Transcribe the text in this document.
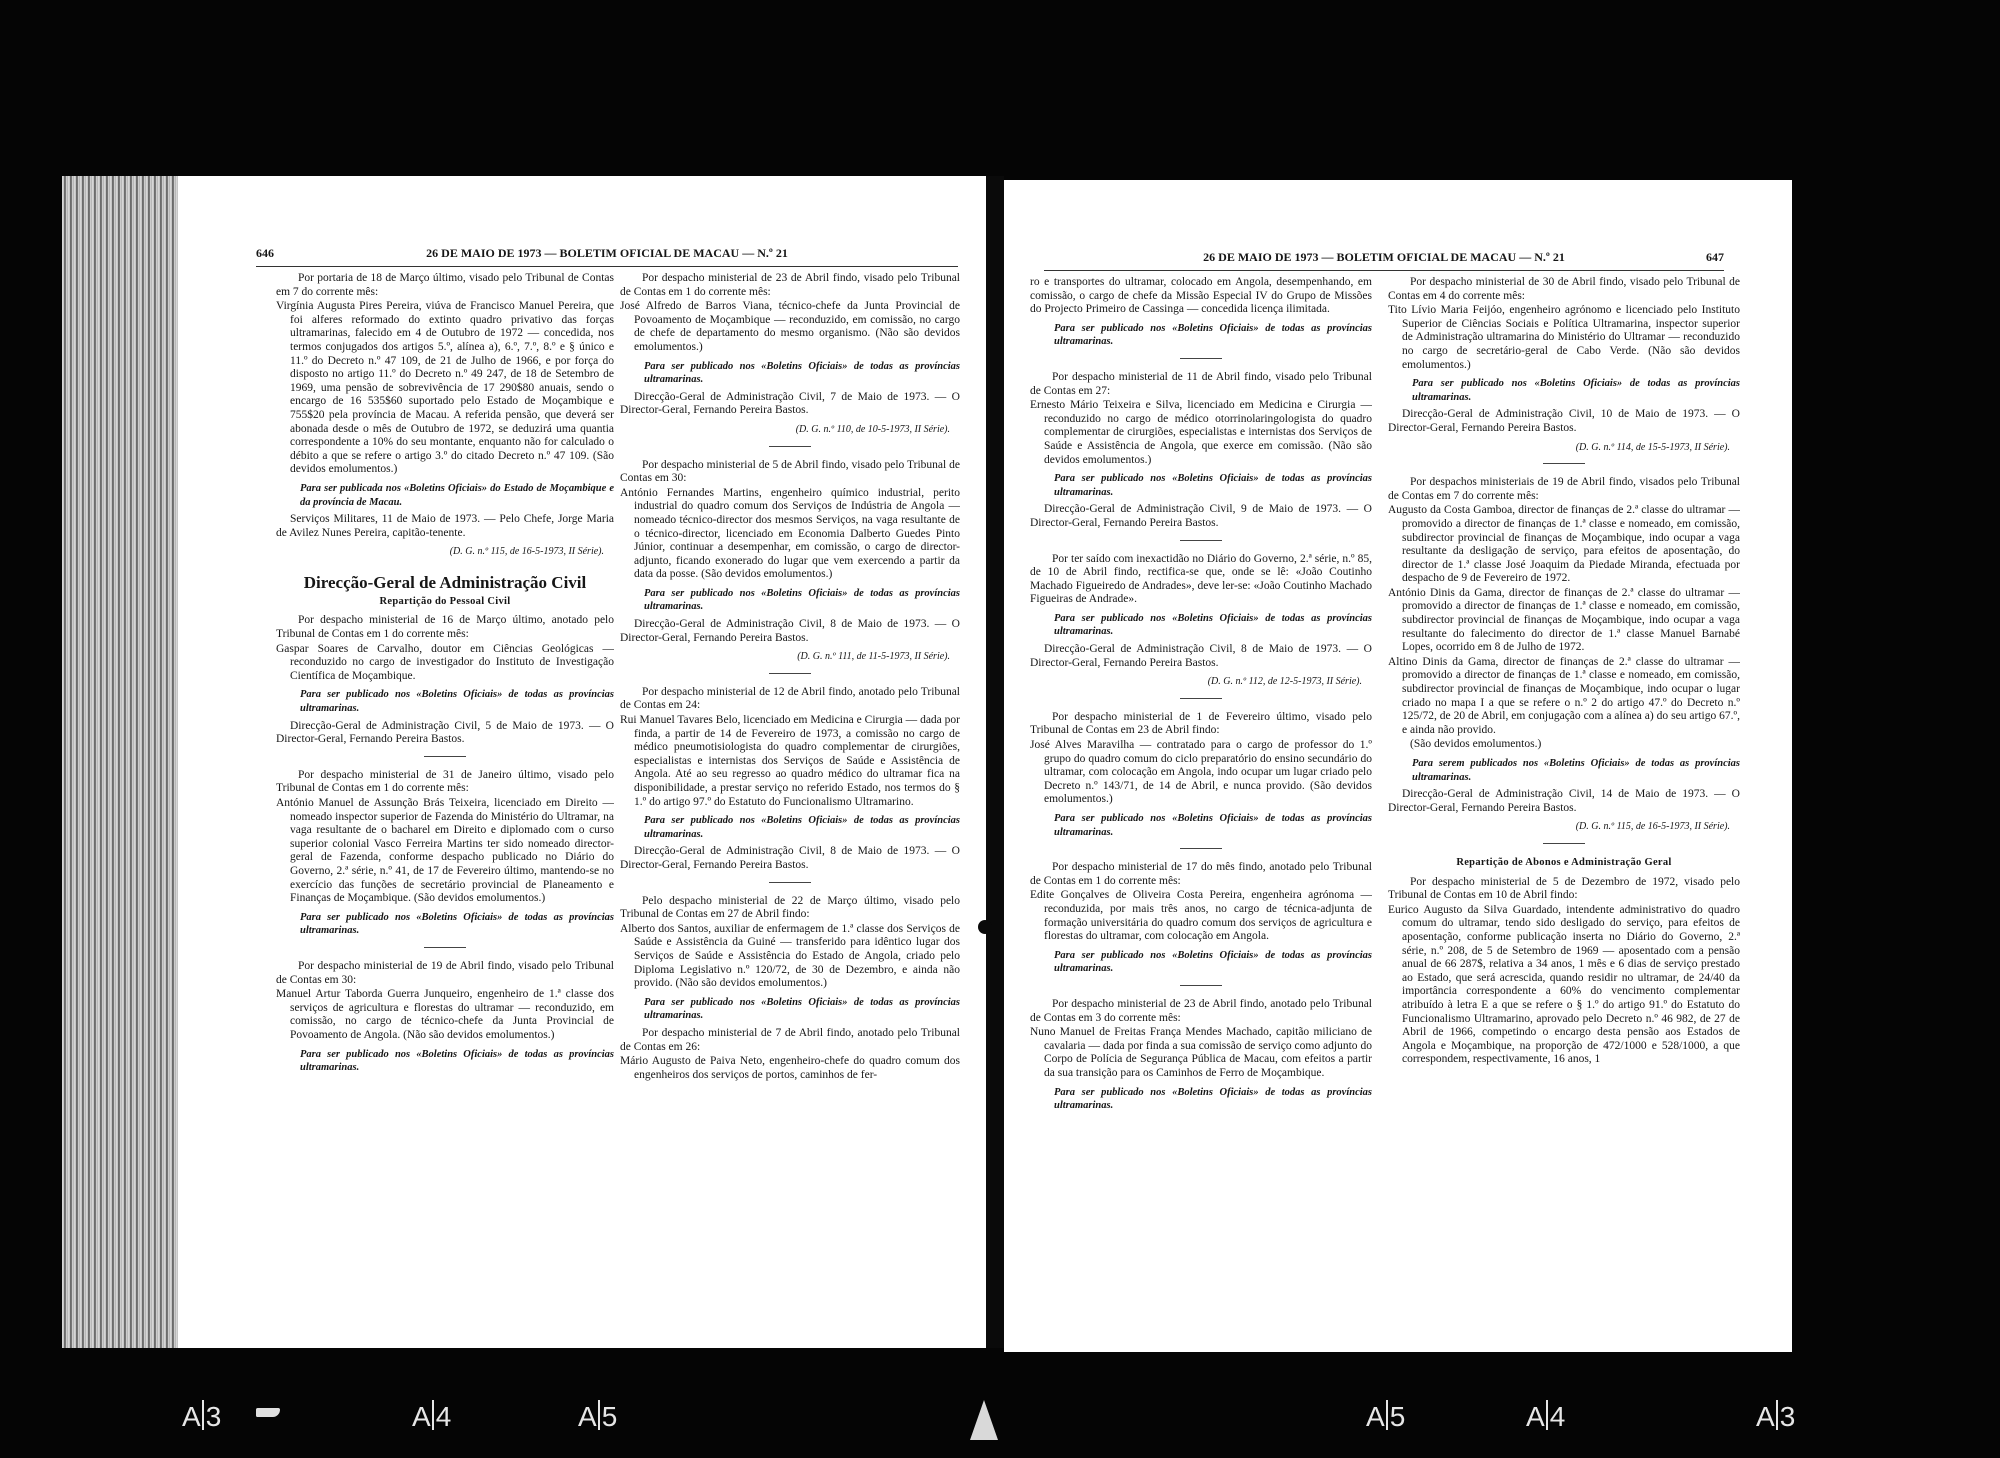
646	26 DE MAIO DE 1973 — BOLETIM OFICIAL DE MACAU — N.º 21

Por portaria de 18 de Março último, visado pelo Tribunal de Contas em 7 do corrente mês:

Virgínia Augusta Pires Pereira, viúva de Francisco Manuel Pereira, que foi alferes reformado do extinto quadro privativo das forças ultramarinas, falecido em 4 de Outubro de 1972 — concedida, nos termos conjugados dos artigos 5.º, alínea a), 6.º, 7.º, 8.º e § único e 11.º do Decreto n.º 47 109, de 21 de Julho de 1966, e por força do disposto no artigo 11.º do Decreto n.º 49 247, de 18 de Setembro de 1969, uma pensão de sobrevivência de 17 290$80 anuais, sendo o encargo de 16 535$60 suportado pelo Estado de Moçambique e 755$20 pela província de Macau. A referida pensão, que deverá ser abonada desde o mês de Outubro de 1972, se deduzirá uma quantia correspondente a 10% do seu montante, enquanto não for calculado o débito a que se refere o artigo 3.º do citado Decreto n.º 47 109. (São devidos emolumentos.)

Para ser publicada nos «Boletins Oficiais» do Estado de Moçambique e da província de Macau.

Serviços Militares, 11 de Maio de 1973. — Pelo Chefe, Jorge Maria de Avilez Nunes Pereira, capitão-tenente.

(D. G. n.º 115, de 16-5-1973, II Série).

Direcção-Geral de Administração Civil

Repartição do Pessoal Civil

Por despacho ministerial de 16 de Março último, anotado pelo Tribunal de Contas em 1 do corrente mês:

Gaspar Soares de Carvalho, doutor em Ciências Geológicas — reconduzido no cargo de investigador do Instituto de Investigação Científica de Moçambique.

Para ser publicado nos «Boletins Oficiais» de todas as províncias ultramarinas.

Direcção-Geral de Administração Civil, 5 de Maio de 1973. — O Director-Geral, Fernando Pereira Bastos.

Por despacho ministerial de 31 de Janeiro último, visado pelo Tribunal de Contas em 1 do corrente mês:

António Manuel de Assunção Brás Teixeira, licenciado em Direito — nomeado inspector superior de Fazenda do Ministério do Ultramar, na vaga resultante de o bacharel em Direito e diplomado com o curso superior colonial Vasco Ferreira Martins ter sido nomeado director-geral de Fazenda, conforme despacho publicado no Diário do Governo, 2.ª série, n.º 41, de 17 de Fevereiro último, mantendo-se no exercício das funções de secretário provincial de Planeamento e Finanças de Moçambique. (São devidos emolumentos.)

Para ser publicado nos «Boletins Oficiais» de todas as províncias ultramarinas.

Por despacho ministerial de 19 de Abril findo, visado pelo Tribunal de Contas em 30:

Manuel Artur Taborda Guerra Junqueiro, engenheiro de 1.ª classe dos serviços de agricultura e florestas do ultramar — reconduzido, em comissão, no cargo de técnico-chefe da Junta Provincial de Povoamento de Angola. (Não são devidos emolumentos.)

Para ser publicado nos «Boletins Oficiais» de todas as províncias ultramarinas.

Por despacho ministerial de 23 de Abril findo, visado pelo Tribunal de Contas em 1 do corrente mês:

José Alfredo de Barros Viana, técnico-chefe da Junta Provincial de Povoamento de Moçambique — reconduzido, em comissão, no cargo de chefe de departamento do mesmo organismo. (Não são devidos emolumentos.)

Para ser publicado nos «Boletins Oficiais» de todas as províncias ultramarinas.

Direcção-Geral de Administração Civil, 7 de Maio de 1973. — O Director-Geral, Fernando Pereira Bastos.

(D. G. n.º 110, de 10-5-1973, II Série).

Por despacho ministerial de 5 de Abril findo, visado pelo Tribunal de Contas em 30:

António Fernandes Martins, engenheiro químico industrial, perito industrial do quadro comum dos Serviços de Indústria de Angola — nomeado técnico-director dos mesmos Serviços, na vaga resultante de o técnico-director, licenciado em Economia Dalberto Guedes Pinto Júnior, continuar a desempenhar, em comissão, o cargo de director-adjunto, ficando exonerado do lugar que vem exercendo a partir da data da posse. (São devidos emolumentos.)

Para ser publicado nos «Boletins Oficiais» de todas as províncias ultramarinas.

Direcção-Geral de Administração Civil, 8 de Maio de 1973. — O Director-Geral, Fernando Pereira Bastos.

(D. G. n.º 111, de 11-5-1973, II Série).

Por despacho ministerial de 12 de Abril findo, anotado pelo Tribunal de Contas em 24:

Rui Manuel Tavares Belo, licenciado em Medicina e Cirurgia — dada por finda, a partir de 14 de Fevereiro de 1973, a comissão no cargo de médico pneumotisiologista do quadro complementar de cirurgiões, especialistas e internistas dos Serviços de Saúde e Assistência de Angola. Até ao seu regresso ao quadro médico do ultramar fica na disponibilidade, a prestar serviço no referido Estado, nos termos do § 1.º do artigo 97.º do Estatuto do Funcionalismo Ultramarino.

Para ser publicado nos «Boletins Oficiais» de todas as províncias ultramarinas.

Direcção-Geral de Administração Civil, 8 de Maio de 1973. — O Director-Geral, Fernando Pereira Bastos.

Pelo despacho ministerial de 22 de Março último, visado pelo Tribunal de Contas em 27 de Abril findo:

Alberto dos Santos, auxiliar de enfermagem de 1.ª classe dos Serviços de Saúde e Assistência da Guiné — transferido para idêntico lugar dos Serviços de Saúde e Assistência do Estado de Angola, criado pelo Diploma Legislativo n.º 120/72, de 30 de Dezembro, e ainda não provido. (Não são devidos emolumentos.)

Para ser publicado nos «Boletins Oficiais» de todas as províncias ultramarinas.

Por despacho ministerial de 7 de Abril findo, anotado pelo Tribunal de Contas em 26:

Mário Augusto de Paiva Neto, engenheiro-chefe do quadro comum dos engenheiros dos serviços de portos, caminhos de fer-

26 DE MAIO DE 1973 — BOLETIM OFICIAL DE MACAU — N.º 21	647

ro e transportes do ultramar, colocado em Angola, desempenhando, em comissão, o cargo de chefe da Missão Especial IV do Grupo de Missões do Projecto Primeiro de Cassinga — concedida licença ilimitada.

Para ser publicado nos «Boletins Oficiais» de todas as províncias ultramarinas.

Por despacho ministerial de 11 de Abril findo, visado pelo Tribunal de Contas em 27:

Ernesto Mário Teixeira e Silva, licenciado em Medicina e Cirurgia — reconduzido no cargo de médico otorrinolaringologista do quadro complementar de cirurgiões, especialistas e internistas dos Serviços de Saúde e Assistência de Angola, que exerce em comissão. (Não são devidos emolumentos.)

Para ser publicado nos «Boletins Oficiais» de todas as províncias ultramarinas.

Direcção-Geral de Administração Civil, 9 de Maio de 1973. — O Director-Geral, Fernando Pereira Bastos.

Por ter saído com inexactidão no Diário do Governo, 2.ª série, n.º 85, de 10 de Abril findo, rectifica-se que, onde se lê: «João Coutinho Machado Figueiredo de Andrades», deve ler-se: «João Coutinho Machado Figueiras de Andrade».

Para ser publicado nos «Boletins Oficiais» de todas as províncias ultramarinas.

Direcção-Geral de Administração Civil, 8 de Maio de 1973. — O Director-Geral, Fernando Pereira Bastos.

(D. G. n.º 112, de 12-5-1973, II Série).

Por despacho ministerial de 1 de Fevereiro último, visado pelo Tribunal de Contas em 23 de Abril findo:

José Alves Maravilha — contratado para o cargo de professor do 1.º grupo do quadro comum do ciclo preparatório do ensino secundário do ultramar, com colocação em Angola, indo ocupar um lugar criado pelo Decreto n.º 143/71, de 14 de Abril, e nunca provido. (São devidos emolumentos.)

Para ser publicado nos «Boletins Oficiais» de todas as províncias ultramarinas.

Por despacho ministerial de 17 do mês findo, anotado pelo Tribunal de Contas em 1 do corrente mês:

Edite Gonçalves de Oliveira Costa Pereira, engenheira agrónoma — reconduzida, por mais três anos, no cargo de técnica-adjunta de formação universitária do quadro comum dos serviços de agricultura e florestas do ultramar, com colocação em Angola.

Para ser publicado nos «Boletins Oficiais» de todas as províncias ultramarinas.

Por despacho ministerial de 23 de Abril findo, anotado pelo Tribunal de Contas em 3 do corrente mês:

Nuno Manuel de Freitas França Mendes Machado, capitão miliciano de cavalaria — dada por finda a sua comissão de serviço como adjunto do Corpo de Polícia de Segurança Pública de Macau, com efeitos a partir da sua transição para os Caminhos de Ferro de Moçambique.

Para ser publicado nos «Boletins Oficiais» de todas as províncias ultramarinas.

Por despacho ministerial de 30 de Abril findo, visado pelo Tribunal de Contas em 4 do corrente mês:

Tito Lívio Maria Feijóo, engenheiro agrónomo e licenciado pelo Instituto Superior de Ciências Sociais e Política Ultramarina, inspector superior de Administração ultramarina do Ministério do Ultramar — reconduzido no cargo de secretário-geral de Cabo Verde. (Não são devidos emolumentos.)

Para ser publicado nos «Boletins Oficiais» de todas as províncias ultramarinas.

Direcção-Geral de Administração Civil, 10 de Maio de 1973. — O Director-Geral, Fernando Pereira Bastos.

(D. G. n.º 114, de 15-5-1973, II Série).

Por despachos ministeriais de 19 de Abril findo, visados pelo Tribunal de Contas em 7 do corrente mês:

Augusto da Costa Gamboa, director de finanças de 2.ª classe do ultramar — promovido a director de finanças de 1.ª classe e nomeado, em comissão, subdirector provincial de finanças de Moçambique, indo ocupar a vaga resultante da desligação de serviço, para efeitos de aposentação, do director de 1.ª classe José Joaquim da Piedade Miranda, efectuada por despacho de 9 de Fevereiro de 1972.

António Dinis da Gama, director de finanças de 2.ª classe do ultramar — promovido a director de finanças de 1.ª classe e nomeado, em comissão, subdirector provincial de finanças de Moçambique, indo ocupar a vaga resultante do falecimento do director de 1.ª classe Manuel Barnabé Lopes, ocorrido em 8 de Julho de 1972.

Altino Dinis da Gama, director de finanças de 2.ª classe do ultramar — promovido a director de finanças de 1.ª classe e nomeado, em comissão, subdirector provincial de finanças de Moçambique, indo ocupar o lugar criado no mapa I a que se refere o n.º 2 do artigo 47.º do Decreto n.º 125/72, de 20 de Abril, em conjugação com a alínea a) do seu artigo 67.º, e ainda não provido.

(São devidos emolumentos.)

Para serem publicados nos «Boletins Oficiais» de todas as províncias ultramarinas.

Direcção-Geral de Administração Civil, 14 de Maio de 1973. — O Director-Geral, Fernando Pereira Bastos.

(D. G. n.º 115, de 16-5-1973, II Série).

Repartição de Abonos e Administração Geral

Por despacho ministerial de 5 de Dezembro de 1972, visado pelo Tribunal de Contas em 10 de Abril findo:

Eurico Augusto da Silva Guardado, intendente administrativo do quadro comum do ultramar, tendo sido desligado do serviço, para efeitos de aposentação, conforme publicação inserta no Diário do Governo, 2.ª série, n.º 208, de 5 de Setembro de 1969 — aposentado com a pensão anual de 66 287$, relativa a 34 anos, 1 mês e 6 dias de serviço prestado ao Estado, que será acrescida, quando residir no ultramar, de 24/40 da importância correspondente a 60% do vencimento complementar atribuído à letra E a que se refere o § 1.º do artigo 91.º do Estatuto do Funcionalismo Ultramarino, aprovado pelo Decreto n.º 46 982, de 27 de Abril de 1966, competindo o encargo desta pensão aos Estados de Angola e Moçambique, na proporção de 472/1000 e 528/1000, a que correspondem, respectivamente, 16 anos, 1

A 3	A 4	A 5	A 5	A 4	A 3
